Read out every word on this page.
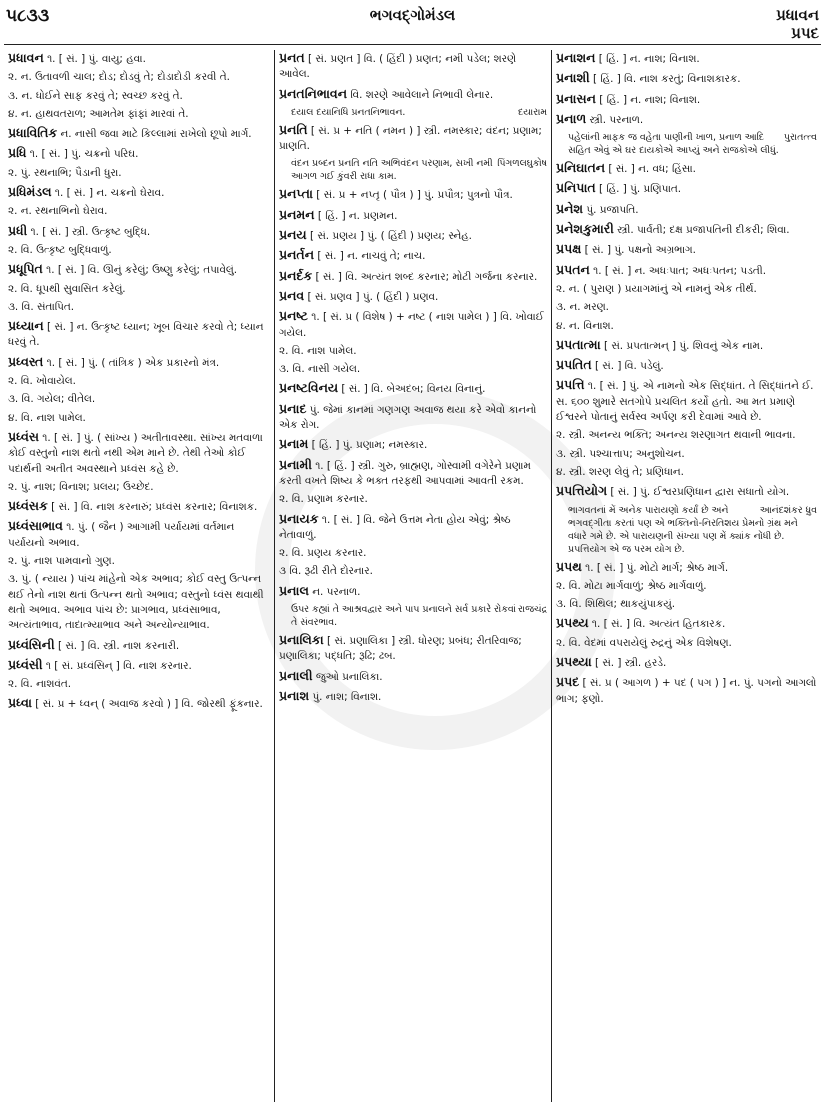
૫૮૩૩	ભગવદ્ગોમંડલ	પ્રધાવન
પ્રપદ
પ્રધાવન ૧. [ સં. ] પું. વાયુ; હવા.
૨. ન. ઉતાવળી ચાલ; દોડ; દોડવું તે; દોડાદોડી કરવી તે.
૩. ન. ધોઈને સાફ કરવું તે; સ્વચ્છ કરવું તે.
૪. ન. હાથવતરાળ; આમતેમ ફાંફાં મારવાં તે.
પ્રધાવિતિક ન. નાસી જવા માટે કિલ્લામાં રાખેલો છૂપો માર્ગ.
પ્રધિ ૧. [ સં. ] પું. ચક્રનો પરિઘ.
૨. પું. રથનાભિ; પૈડાની ધુરા.
પ્રધિમંડલ ૧. [ સં. ] ન. ચક્રનો ઘેરાવ.
૨. ન. રથનાભિનો ઘેરાવ.
પ્રધી ૧. [ સં. ] સ્ત્રી. ઉત્કૃષ્ટ બુદ્ધિ.
૨. વિ. ઉત્કૃષ્ટ બુદ્ધિવાળું.
પ્રધૂપિત ૧. [ સં. ] વિ. ઊનું કરેલું; ઉષ્ણુ કરેલું; તપાવેલું.
૨. વિ. ધૂપથી સુવાસિત કરેલું.
૩. વિ. સંતાપિત.
પ્રધ્યાન [ સં. ] ન. ઉત્કૃષ્ટ ધ્યાન; ખૂબ વિચાર કરવો તે; ધ્યાન ધરવું તે.
પ્રધ્વસ્ત ૧. [ સં. ] પું. ( તાંત્રિક ) એક પ્રકારનો મંત્ર.
૨. વિ. ખોવાયેલ.
૩. વિ. ગયેલ; વીતેલ.
૪. વિ. નાશ પામેલ.
પ્રધ્વંસ ૧. [ સં. ] પું. ( સાંખ્ય ) અતીતાવસ્થા. સાંખ્ય મતવાળા કોઈ વસ્તુનો નાશ થતો નથી એમ માને છે. તેથી તેઓ કોઈ પદાર્થની અતીત અવસ્થાને પ્રધ્વંસ કહે છે.
૨. પું. નાશ; વિનાશ; પ્રલય; ઉચ્છેદ.
પ્રધ્વંસક [ સં. ] વિ. નાશ કરનારું; પ્રધ્વંસ કરનાર; વિનાશક.
પ્રધ્વંસાભાવ ૧. પું. ( જૈન ) આગામી પર્યાયમાં વર્તમાન પર્યાયનો અભાવ.
૨. પું. નાશ પામવાનો ગુણ.
૩. પું. ( ન્યાય ) પાંચ માંહેનો એક અભાવ; કોઈ વસ્તુ ઉત્પન્ન થઈ તેનો નાશ થતાં ઉત્પન્ન થતો અભાવ; વસ્તુનો ધ્વંસ થવાથી થતો અભાવ. અભાવ પાંચ છે: પ્રાગભાવ, પ્રધ્વંસાભાવ, અત્યંતાભાવ, તાદાત્મ્યાભાવ અને અન્યોન્યાભાવ.
પ્રધ્વંસિની [ સં. ] વિ. સ્ત્રી. નાશ કરનારી.
પ્રધ્વંસી ૧ [ સં. પ્રધ્વંસિન્ ] વિ. નાશ કરનાર.
૨. વિ. નાશવંત.
પ્રધ્વા [ સં. પ્ર + ધ્વન્ ( અવાજ કરવો ) ] વિ. જોરથી ફૂંકનાર.
પ્રનત [ સં. પ્રણત ] વિ. ( હિંદી ) પ્રણત; નમી પડેલ; શરણે આવેલ.
પ્રનતનિભાવન વિ. શરણે આવેલાને નિભાવી લેનાર.
દયારામ
દયાલ દયાનિધિ પ્રનતનિભાવન.
પ્રનતિ [ સં. પ્ર + નતિ ( નમન ) ] સ્ત્રી. નમસ્કાર; વંદન; પ્રણામ; પ્રાણતિ.
પિંગળલઘુકોષ
વંદન પ્રબ્દન પ્રનતિ નતિ અભિવંદન પરણામ, સખી નમી આગળ ગઈ કુંવરી રાધા કામ.
પ્રનપ્તા [ સં. પ્ર + નપ્તૃ ( પૌત્ર ) ] પું. પ્રપૌત્ર; પુત્રનો પૌત્ર.
પ્રનમન [ હિં. ] ન. પ્રણમન.
પ્રનય [ સં. પ્રણય ] પું. ( હિંદી ) પ્રણય; સ્નેહ.
પ્રનર્તન [ સં. ] ન. નાચવું તે; નાચ.
પ્રનર્દક [ સં. ] વિ. અત્યંત શબ્દ કરનાર; મોટી ગર્જના કરનાર.
પ્રનવ [ સં. પ્રણવ ] પું. ( હિંદી ) પ્રણવ.
પ્રનષ્ટ ૧. [ સં. પ્ર ( વિશેષ ) + નષ્ટ ( નાશ પામેલ ) ] વિ. ખોવાઈ ગયેલ.
૨. વિ. નાશ પામેલ.
૩. વિ. નાસી ગયેલ.
પ્રનષ્ટવિનય [ સં. ] વિ. બેઅદબ; વિનય વિનાનું.
પ્રનાદ પું. જેમાં કાનમાં ગણગણ અવાજ થયા કરે એવો કાનનો એક રોગ.
પ્રનામ [ હિં. ] પું. પ્રણામ; નમસ્કાર.
પ્રનામી ૧. [ હિં. ] સ્ત્રી. ગુરુ, બ્રાહ્મણ, ગોસ્વામી વગેરેને પ્રણામ કરતી વખતે શિષ્ય કે ભક્ત તરફથી આપવામાં આવતી રકમ.
૨. વિ. પ્રણામ કરનાર.
પ્રનાયક ૧. [ સં. ] વિ. જેને ઉત્તમ નેતા હોય એવું; શ્રેષ્ઠ નેતાવાળું.
૨. વિ. પ્રણય કરનાર.
૩ વિ. રૂઢી રીતે દોરનાર.
પ્રનાલ ન. પરનાળ.
રાજચંદ્ર
ઉપર કહ્યાં તે આશ્રવદ્વાર અને પાપ પ્રનાલને સર્વ પ્રકારે રોકવાં તે સંવરભાવ.
પ્રનાલિકા [ સં. પ્રણાલિકા ] સ્ત્રી. ધોરણ; પ્રબંધ; રીતરિવાજ; પ્રણાલિકા; પદ્ધતિ; રૂઢિ; ઢબ.
પ્રનાલી જુઓ પ્રનાલિકા.
પ્રનાશ પું. નાશ; વિનાશ.
પ્રનાશન [ હિં. ] ન. નાશ; વિનાશ.
પ્રનાશી [ હિં. ] વિ. નાશ કરતું; વિનાશકારક.
પ્રનાસન [ હિં. ] ન. નાશ; વિનાશ.
પ્રનાળ સ્ત્રી. પરનાળ.
પુરાતત્ત્વ
પહેલાંની માફક જ વહેતા પાણીની ખાળ, પ્રનાળ આદિ સહિત એવું એ ઘર દાયકોએ આપ્યું અને રાજકોએ લીધું.
પ્રનિઘાતન [ સં. ] ન. વધ; હિંસા.
પ્રનિપાત [ હિં. ] પું. પ્રણિપાત.
પ્રનેશ પું. પ્રજાપતિ.
પ્રનેશકુમારી સ્ત્રી. પાર્વતી; દક્ષ પ્રજાપતિની દીકરી; શિવા.
પ્રપક્ષ [ સં. ] પું. પક્ષનો અગ્રભાગ.
પ્રપતન ૧. [ સં. ] ન. અધઃપાત; અધઃપતન; પડતી.
૨. ન. ( પુરાણ ) પ્રયાગમાંનું એ નામનું એક તીર્થ.
૩. ન. મરણ.
૪. ન. વિનાશ.
પ્રપતાત્મા [ સં. પ્રપતાત્મન્ ] પું. શિવનું એક નામ.
પ્રપતિત [ સં. ] વિ. પડેલું.
પ્રપત્તિ ૧. [ સં. ] પું. એ નામનો એક સિદ્ધાંત. તે સિદ્ધાંતને ઈ. સ. ૬૦૦ શુમારે સતગોપે પ્રચલિત કર્યો હતો. આ મત પ્રમાણે ઈશ્વરને પોતાનું સર્વસ્વ અર્પણ કરી દેવામાં આવે છે.
૨. સ્ત્રી. અનન્ય ભક્તિ; અનન્ય શરણાગત થવાની ભાવના.
૩. સ્ત્રી. પશ્ચાત્તાપ; અનુશોચન.
૪. સ્ત્રી. શરણ લેવું તે; પ્રણિધાન.
પ્રપત્તિયોગ [ સં. ] પું. ઈશ્વરપ્રણિધાન દ્વારા સધાતો યોગ.
આનંદશંકર ધ્રુવ
ભાગવતનાં મેં અનેક પારાયણો કર્યાં છે અને ભગવદ્ગીતા કરતાં પણ એ ભક્તિનો-નિરતિશય પ્રેમનો ગ્રંથ મને વધારે ગમે છે. એ પારાયણની સંખ્યા પણ મેં ક્યાંક નોંધી છે. પ્રપત્તિયોગ એ જ પરમ યોગ છે.
પ્રપથ ૧. [ સં. ] પું. મોટો માર્ગ; શ્રેષ્ઠ માર્ગ.
૨. વિ. મોટા માર્ગવાળું; શ્રેષ્ઠ માર્ગવાળું.
૩. વિ. શિથિલ; થાકયુંપાકયું.
પ્રપથ્ય ૧. [ સં. ] વિ. અત્યંત હિતકારક.
૨. વિ. વેદમાં વપરાયેલું રુદ્રનું એક વિશેષણ.
પ્રપથ્યા [ સં. ] સ્ત્રી. હરડે.
પ્રપદ [ સં. પ્ર ( આગળ ) + પદ ( પગ ) ] ન. પું. પગનો આગલો ભાગ; ફણો.
